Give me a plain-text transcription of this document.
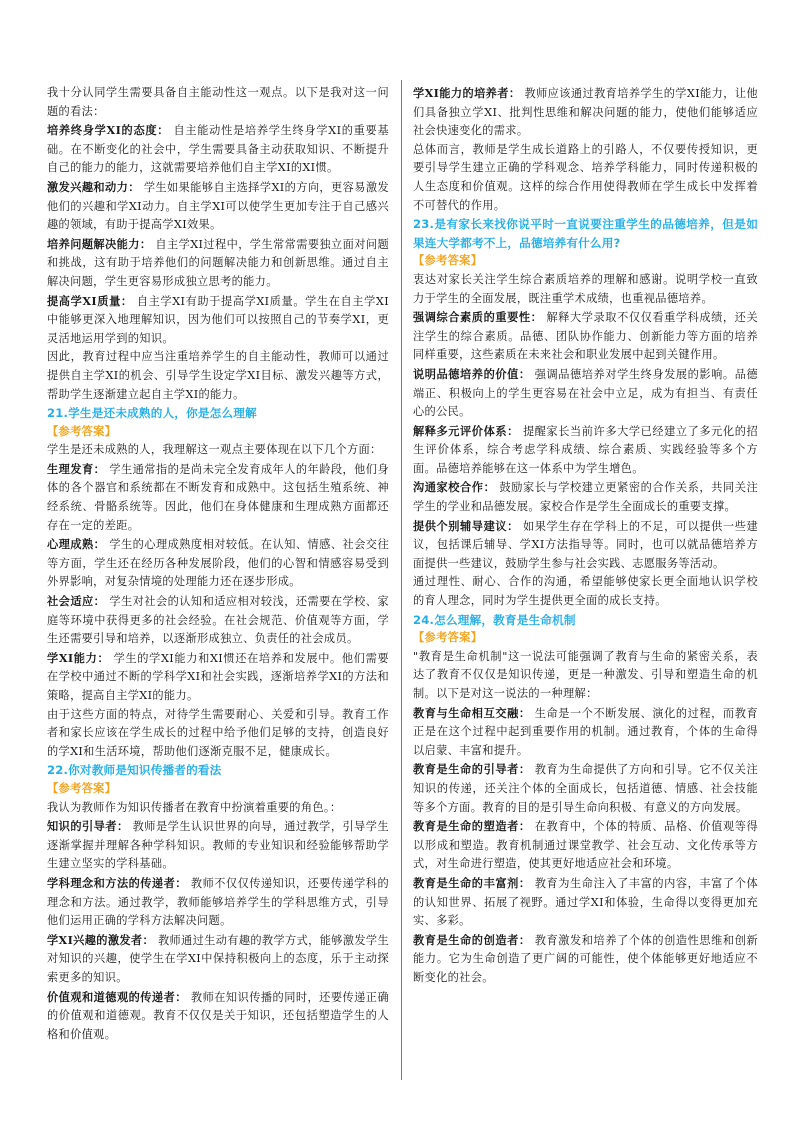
我十分认同学生需要具备自主能动性这一观点。以下是我对这一问题的看法：

培养终身学XI的态度： 自主能动性是培养学生终身学XI的重要基础。在不断变化的社会中，学生需要具备主动获取知识、不断提升自己的能力的能力，这就需要培养他们自主学XI的XI惯。

激发兴趣和动力： 学生如果能够自主选择学XI的方向，更容易激发他们的兴趣和学XI动力。自主学XI可以使学生更加专注于自己感兴趣的领域，有助于提高学XI效果。

培养问题解决能力： 自主学XI过程中，学生常常需要独立面对问题和挑战，这有助于培养他们的问题解决能力和创新思维。通过自主解决问题，学生更容易形成独立思考的能力。

提高学XI质量： 自主学XI有助于提高学XI质量。学生在自主学XI中能够更深入地理解知识，因为他们可以按照自己的节奏学XI，更灵活地运用学到的知识。

因此，教育过程中应当注重培养学生的自主能动性，教师可以通过提供自主学XI的机会、引导学生设定学XI目标、激发兴趣等方式，帮助学生逐渐建立起自主学XI的能力。

21.学生是还未成熟的人，你是怎么理解

【参考答案】

学生是还未成熟的人，我理解这一观点主要体现在以下几个方面：

生理发育： 学生通常指的是尚未完全发育成年人的年龄段，他们身体的各个器官和系统都在不断发育和成熟中。这包括生殖系统、神经系统、骨骼系统等。因此，他们在身体健康和生理成熟方面都还存在一定的差距。

心理成熟： 学生的心理成熟度相对较低。在认知、情感、社会交往等方面，学生还在经历各种发展阶段，他们的心智和情感容易受到外界影响，对复杂情境的处理能力还在逐步形成。

社会适应： 学生对社会的认知和适应相对较浅，还需要在学校、家庭等环境中获得更多的社会经验。在社会规范、价值观等方面，学生还需要引导和培养，以逐渐形成独立、负责任的社会成员。

学XI能力： 学生的学XI能力和XI惯还在培养和发展中。他们需要在学校中通过不断的学科学XI和社会实践，逐渐培养学XI的方法和策略，提高自主学XI的能力。

由于这些方面的特点，对待学生需要耐心、关爱和引导。教育工作者和家长应该在学生成长的过程中给予他们足够的支持，创造良好的学XI和生活环境，帮助他们逐渐克服不足，健康成长。

22.你对教师是知识传播者的看法

【参考答案】

我认为教师作为知识传播者在教育中扮演着重要的角色。：

知识的引导者： 教师是学生认识世界的向导，通过教学，引导学生逐渐掌握并理解各种学科知识。教师的专业知识和经验能够帮助学生建立坚实的学科基础。

学科理念和方法的传递者： 教师不仅仅传递知识，还要传递学科的理念和方法。通过教学，教师能够培养学生的学科思维方式，引导他们运用正确的学科方法解决问题。

学XI兴趣的激发者： 教师通过生动有趣的教学方式，能够激发学生对知识的兴趣，使学生在学XI中保持积极向上的态度，乐于主动探索更多的知识。

价值观和道德观的传递者： 教师在知识传播的同时，还要传递正确的价值观和道德观。教育不仅仅是关于知识，还包括塑造学生的人格和价值观。

学XI能力的培养者： 教师应该通过教育培养学生的学XI能力，让他们具备独立学XI、批判性思维和解决问题的能力，使他们能够适应社会快速变化的需求。

总体而言，教师是学生成长道路上的引路人，不仅要传授知识，更要引导学生建立正确的学科观念、培养学科能力，同时传递积极的人生态度和价值观。这样的综合作用使得教师在学生成长中发挥着不可替代的作用。

23.是有家长来找你说平时一直说要注重学生的品德培养，但是如果连大学都考不上，品德培养有什么用?

【参考答案】

衷达对家长关注学生综合素质培养的理解和感谢。说明学校一直致力于学生的全面发展，既注重学术成绩，也重视品德培养。

强调综合素质的重要性： 解释大学录取不仅仅看重学科成绩，还关注学生的综合素质。品德、团队协作能力、创新能力等方面的培养同样重要，这些素质在未来社会和职业发展中起到关键作用。

说明品德培养的价值： 强调品德培养对学生终身发展的影响。品德端正、积极向上的学生更容易在社会中立足，成为有担当、有责任心的公民。

解释多元评价体系： 提醒家长当前许多大学已经建立了多元化的招生评价体系，综合考虑学科成绩、综合素质、实践经验等多个方面。品德培养能够在这一体系中为学生增色。

沟通家校合作： 鼓励家长与学校建立更紧密的合作关系，共同关注学生的学业和品德发展。家校合作是学生全面成长的重要支撑。

提供个别辅导建议： 如果学生存在学科上的不足，可以提供一些建议，包括课后辅导、学XI方法指导等。同时，也可以就品德培养方面提供一些建议，鼓励学生参与社会实践、志愿服务等活动。

通过理性、耐心、合作的沟通，希望能够使家长更全面地认识学校的育人理念，同时为学生提供更全面的成长支持。

24.怎么理解，教育是生命机制

【参考答案】

"教育是生命机制"这一说法可能强调了教育与生命的紧密关系，表达了教育不仅仅是知识传递，更是一种激发、引导和塑造生命的机制。以下是对这一说法的一种理解：

教育与生命相互交融： 生命是一个不断发展、演化的过程，而教育正是在这个过程中起到重要作用的机制。通过教育，个体的生命得以启蒙、丰富和提升。

教育是生命的引导者： 教育为生命提供了方向和引导。它不仅关注知识的传递，还关注个体的全面成长，包括道德、情感、社会技能等多个方面。教育的目的是引导生命向积极、有意义的方向发展。

教育是生命的塑造者： 在教育中，个体的特质、品格、价值观等得以形成和塑造。教育机制通过课堂教学、社会互动、文化传承等方式，对生命进行塑造，使其更好地适应社会和环境。

教育是生命的丰富剂： 教育为生命注入了丰富的内容，丰富了个体的认知世界、拓展了视野。通过学XI和体验，生命得以变得更加充实、多彩。

教育是生命的创造者： 教育激发和培养了个体的创造性思维和创新能力。它为生命创造了更广阔的可能性，使个体能够更好地适应不断变化的社会。
